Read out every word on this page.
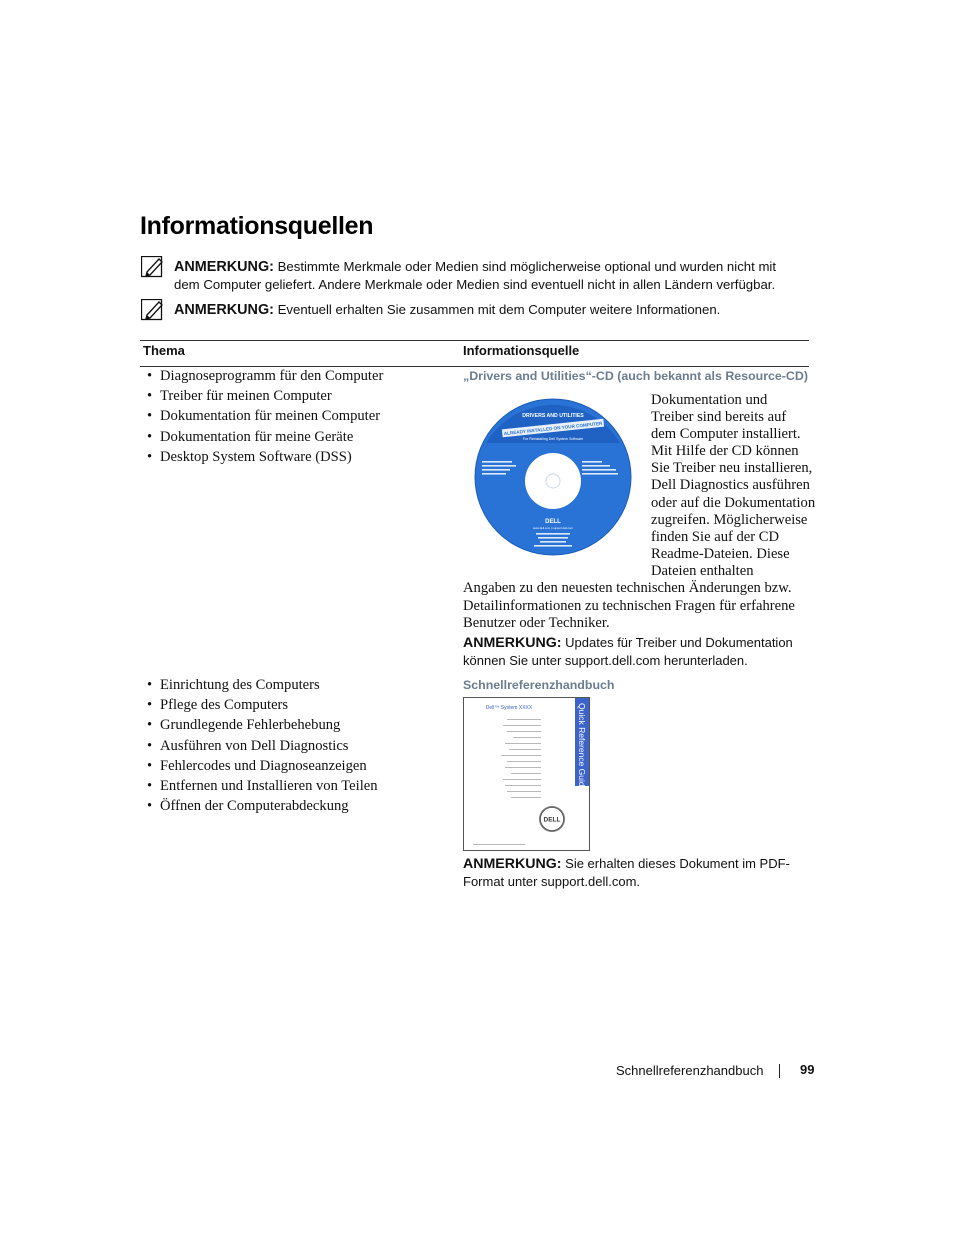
Informationsquellen
ANMERKUNG: Bestimmte Merkmale oder Medien sind möglicherweise optional und wurden nicht mit
dem Computer geliefert. Andere Merkmale oder Medien sind eventuell nicht in allen Ländern verfügbar.
ANMERKUNG: Eventuell erhalten Sie zusammen mit dem Computer weitere Informationen.
Thema	Informationsquelle
• Diagnoseprogramm für den Computer
• Treiber für meinen Computer
• Dokumentation für meinen Computer
• Dokumentation für meine Geräte
• Desktop System Software (DSS)
„Drivers and Utilities“-CD (auch bekannt als Resource-CD)
DRIVERS AND UTILITIES
ALREADY INSTALLED ON YOUR COMPUTER
For Reinstalling Dell System Software
DELL
www.dell.com | support.dell.com
Dokumentation und
Treiber sind bereits auf
dem Computer installiert.
Mit Hilfe der CD können
Sie Treiber neu installieren,
Dell Diagnostics ausführen
oder auf die Dokumentation
zugreifen. Möglicherweise
finden Sie auf der CD
Readme-Dateien. Diese
Dateien enthalten
Angaben zu den neuesten technischen Änderungen bzw.
Detailinformationen zu technischen Fragen für erfahrene
Benutzer oder Techniker.
ANMERKUNG: Updates für Treiber und Dokumentation
können Sie unter support.dell.com herunterladen.
• Einrichtung des Computers
• Pflege des Computers
• Grundlegende Fehlerbehebung
• Ausführen von Dell Diagnostics
• Fehlercodes und Diagnoseanzeigen
• Entfernen und Installieren von Teilen
• Öffnen der Computerabdeckung
Schnellreferenzhandbuch
Dell™ System XXXX	Quick Reference Guide
DELL
ANMERKUNG: Sie erhalten dieses Dokument im PDF-
Format unter support.dell.com.
Schnellreferenzhandbuch	99
